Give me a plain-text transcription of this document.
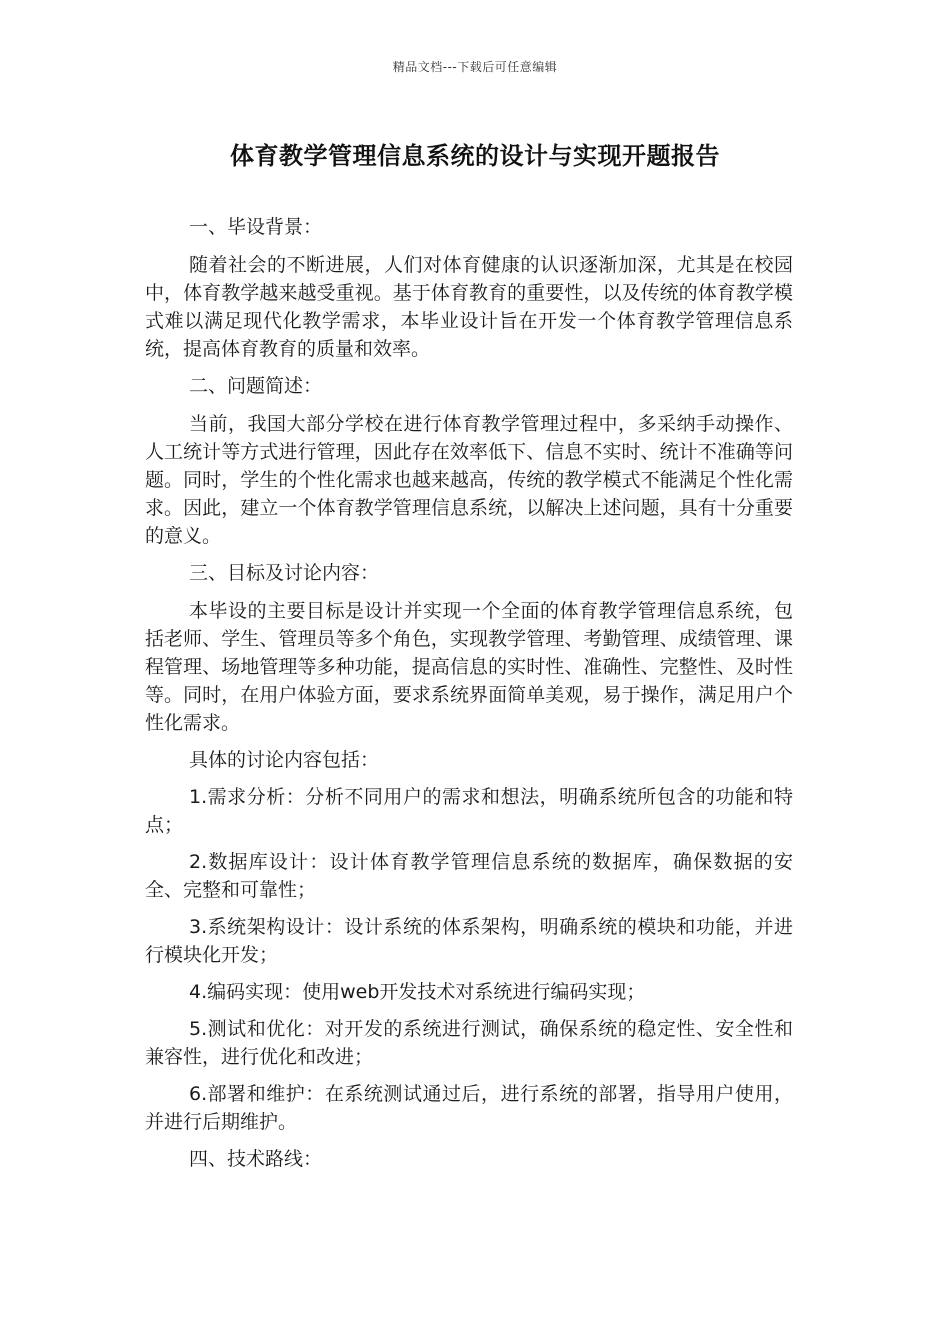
精品文档---下载后可任意编辑
体育教学管理信息系统的设计与实现开题报告

一、毕设背景：

随着社会的不断进展，人们对体育健康的认识逐渐加深，尤其是在校园中，体育教学越来越受重视。基于体育教育的重要性，以及传统的体育教学模式难以满足现代化教学需求，本毕业设计旨在开发一个体育教学管理信息系统，提高体育教育的质量和效率。

二、问题简述：

当前，我国大部分学校在进行体育教学管理过程中，多采纳手动操作、人工统计等方式进行管理，因此存在效率低下、信息不实时、统计不准确等问题。同时，学生的个性化需求也越来越高，传统的教学模式不能满足个性化需求。因此，建立一个体育教学管理信息系统，以解决上述问题，具有十分重要的意义。

三、目标及讨论内容：

本毕设的主要目标是设计并实现一个全面的体育教学管理信息系统，包括老师、学生、管理员等多个角色，实现教学管理、考勤管理、成绩管理、课程管理、场地管理等多种功能，提高信息的实时性、准确性、完整性、及时性等。同时，在用户体验方面，要求系统界面简单美观，易于操作，满足用户个性化需求。

具体的讨论内容包括：

1.需求分析：分析不同用户的需求和想法，明确系统所包含的功能和特点；

2.数据库设计：设计体育教学管理信息系统的数据库，确保数据的安全、完整和可靠性；

3.系统架构设计：设计系统的体系架构，明确系统的模块和功能，并进行模块化开发；

4.编码实现：使用web开发技术对系统进行编码实现；

5.测试和优化：对开发的系统进行测试，确保系统的稳定性、安全性和兼容性，进行优化和改进；

6.部署和维护：在系统测试通过后，进行系统的部署，指导用户使用，并进行后期维护。

四、技术路线：
